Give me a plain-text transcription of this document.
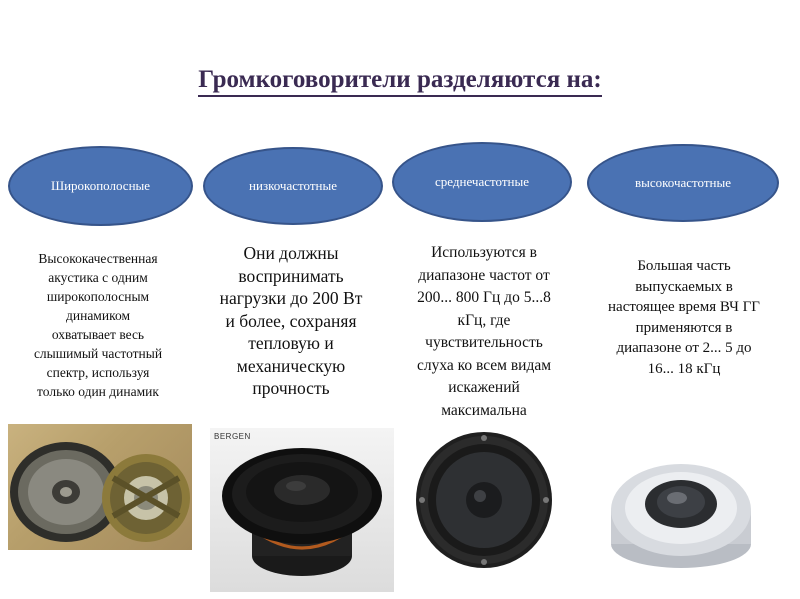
Громкоговорители разделяются на:
Широкополосные	низкочастотные	среднечастотные	высокочастотные
Высококачественная
акустика с одним
широкополосным
динамиком
охватывает весь
слышимый частотный
спектр, используя
только один динамик
Они должны
воспринимать
нагрузки до 200 Вт
и более, сохраняя
тепловую и
механическую
прочность
Используются в
диапазоне частот от
200... 800 Гц до 5...8
кГц, где
чувствительность
слуха ко всем видам
искажений
максимальна
Большая часть
выпускаемых в
настоящее время ВЧ ГГ
применяются в
диапазоне от 2... 5 до
16... 18 кГц
BERGEN
